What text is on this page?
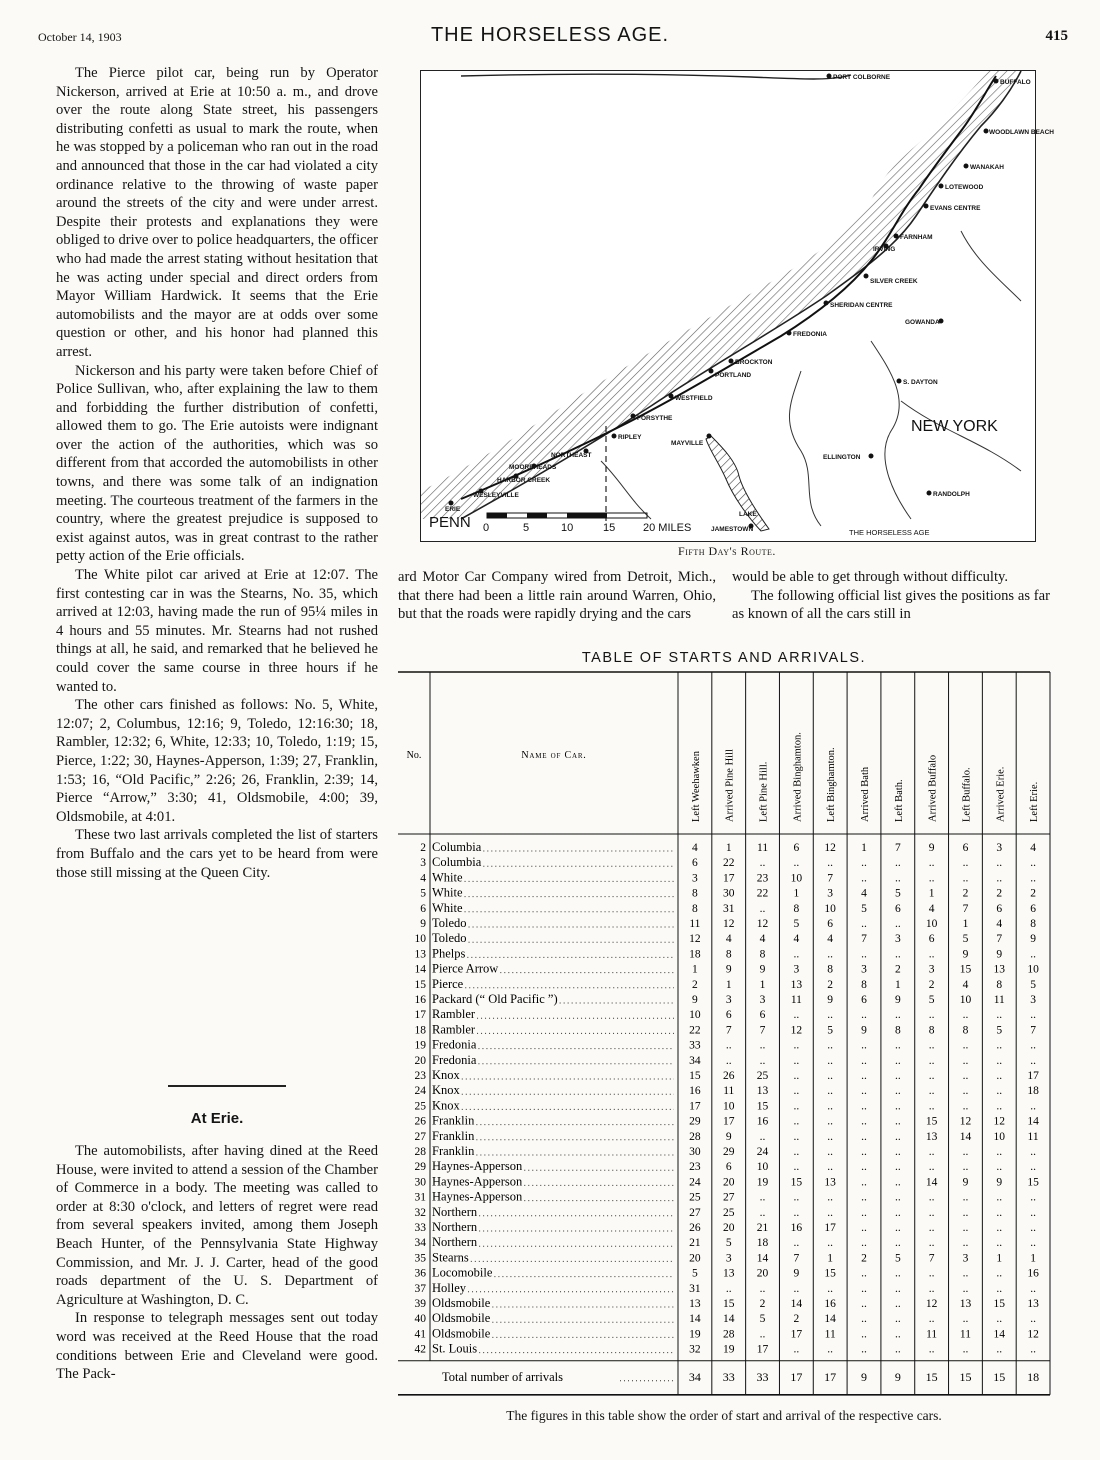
October 14, 1903	THE HORSELESS AGE.	415

The Pierce pilot car, being run by Operator Nickerson, arrived at Erie at 10:50 a. m., and drove over the route along State street, his passengers distributing confetti as usual to mark the route, when he was stopped by a policeman who ran out in the road and announced that those in the car had violated a city ordinance relative to the throwing of waste paper around the streets of the city and were under arrest. Despite their protests and explanations they were obliged to drive over to police headquarters, the officer who had made the arrest stating without hesitation that he was acting under special and direct orders from Mayor William Hardwick. It seems that the Erie automobilists and the mayor are at odds over some question or other, and his honor had planned this arrest.

Nickerson and his party were taken before Chief of Police Sullivan, who, after explaining the law to them and forbidding the further distribution of confetti, allowed them to go. The Erie autoists were indignant over the action of the authorities, which was so different from that accorded the automobilists in other towns, and there was some talk of an indignation meeting. The courteous treatment of the farmers in the country, where the greatest prejudice is supposed to exist against autos, was in great contrast to the rather petty action of the Erie officials.

The White pilot car arived at Erie at 12:07. The first contesting car in was the Stearns, No. 35, which arrived at 12:03, having made the run of 95¼ miles in 4 hours and 55 minutes. Mr. Stearns had not rushed things at all, he said, and remarked that he believed he could cover the same course in three hours if he wanted to.

The other cars finished as follows: No. 5, White, 12:07; 2, Columbus, 12:16; 9, Toledo, 12:16:30; 18, Rambler, 12:32; 6, White, 12:33; 10, Toledo, 1:19; 15, Pierce, 1:22; 30, Haynes-Apperson, 1:39; 27, Franklin, 1:53; 16, “Old Pacific,” 2:26; 26, Franklin, 2:39; 14, Pierce “Arrow,” 3:30; 41, Oldsmobile, 4:00; 39, Oldsmobile, at 4:01.

These two last arrivals completed the list of starters from Buffalo and the cars yet to be heard from were those still missing at the Queen City.

At Erie.

The automobilists, after having dined at the Reed House, were invited to attend a session of the Chamber of Commerce in a body. The meeting was called to order at 8:30 o'clock, and letters of regret were read from several speakers invited, among them Joseph Beach Hunter, of the Pennsylvania State Highway Commission, and Mr. J. J. Carter, head of the good roads department of the U. S. Department of Agriculture at Washington, D. C.

In response to telegraph messages sent out today word was received at the Reed House that the road conditions between Erie and Cleveland were good. The Pack-

PORT COLBORNE
BUFFALO
WOODLAWN BEACH
WANAKAH
LOTEWOOD
EVANS CENTRE
FARNHAM
IRVING
SILVER CREEK
SHERIDAN CENTRE
GOWANDA
FREDONIA
BROCKTON
PORTLAND
S. DAYTON
WESTFIELD
FORSYTHE
RIPLEY
MAYVILLE
NORTHEAST
MOOREHEADS
HARBOR CREEK
WESLEYVILLE
ERIE
ELLINGTON
RANDOLPH
LAKE
JAMESTOWN
NEW YORK
PENN 0	5	10	15	20 MILES	THE HORSELESS AGE
Fifth Day's Route.

ard Motor Car Company wired from Detroit, Mich., that there had been a little rain around Warren, Ohio, but that the roads were rapidly drying and the cars

would be able to get through without difficulty.

The following official list gives the positions as far as known of all the cars still in

TABLE OF STARTS AND ARRIVALS.
No.	Name of Car.	Left Weehawken Arrived Pine Hill Left Pine Hill. Arrived Binghamton. Left Binghamton. Arrived Bath Left Bath. Arrived Buffalo Left Buffalo. Arrived Erie. Left Erie.
2 Columbia	4 1 11 6 12 1 7 9 6 3 4
3 Columbia	6 22 .. .. .. .. .. .. .. .. ..
4 White	3 17 23 10 7 .. .. .. .. .. ..
5 White	8 30 22 1 3 4 5 1 2 2 2
6 White	8 31 .. 8 10 5 6 4 7 6 6
9 Toledo	11 12 12 5 6 .. .. 10 1 4 8
10 Toledo	12 4 4 4 4 7 3 6 5 7 9
13 Phelps	18 8 8 .. .. .. .. .. 9 9 ..
14 Pierce Arrow	1 9 9 3 8 3 2 3 15 13 10
15 Pierce	2 1 1 13 2 8 1 2 4 8 5
16 Packard (“ Old Pacific ”)	9 3 3 11 9 6 9 5 10 11 3
17 Rambler	10 6 6 .. .. .. .. .. .. .. ..
18 Rambler	22 7 7 12 5 9 8 8 8 5 7
19 Fredonia	33 .. .. .. .. .. .. .. .. .. ..
20 Fredonia	34 .. .. .. .. .. .. .. .. .. ..
23 Knox	15 26 25 .. .. .. .. .. .. .. 17
24 Knox	16 11 13 .. .. .. .. .. .. .. 18
25 Knox	17 10 15 .. .. .. .. .. .. .. ..
26 Franklin	29 17 16 .. .. .. .. 15 12 12 14
27 Franklin	28 9 .. .. .. .. .. 13 14 10 11
28 Franklin	30 29 24 .. .. .. .. .. .. .. ..
29 Haynes-Apperson	23 6 10 .. .. .. .. .. .. .. ..
30 Haynes-Apperson	24 20 19 15 13 .. .. 14 9 9 15
31 Haynes-Apperson	25 27 .. .. .. .. .. .. .. .. ..
32 Northern	27 25 .. .. .. .. .. .. .. .. ..
33 Northern	26 20 21 16 17 .. .. .. .. .. ..
34 Northern	21 5 18 .. .. .. .. .. .. .. ..
35 Stearns	20 3 14 7 1 2 5 7 3 1 1
36 Locomobile	5 13 20 9 15 .. .. .. .. .. 16
37 Holley	31 .. .. .. .. .. .. .. .. .. ..
39 Oldsmobile	13 15 2 14 16 .. .. 12 13 15 13
40 Oldsmobile	14 14 5 2 14 .. .. .. .. .. ..
41 Oldsmobile	19 28 .. 17 11 .. .. 11 11 14 12
42 St. Louis	32 19 17 .. .. .. .. .. .. .. ..
Total number of arrivals	34 33 33 17 17 9 9 15 15 15 18
The figures in this table show the order of start and arrival of the respective cars.
